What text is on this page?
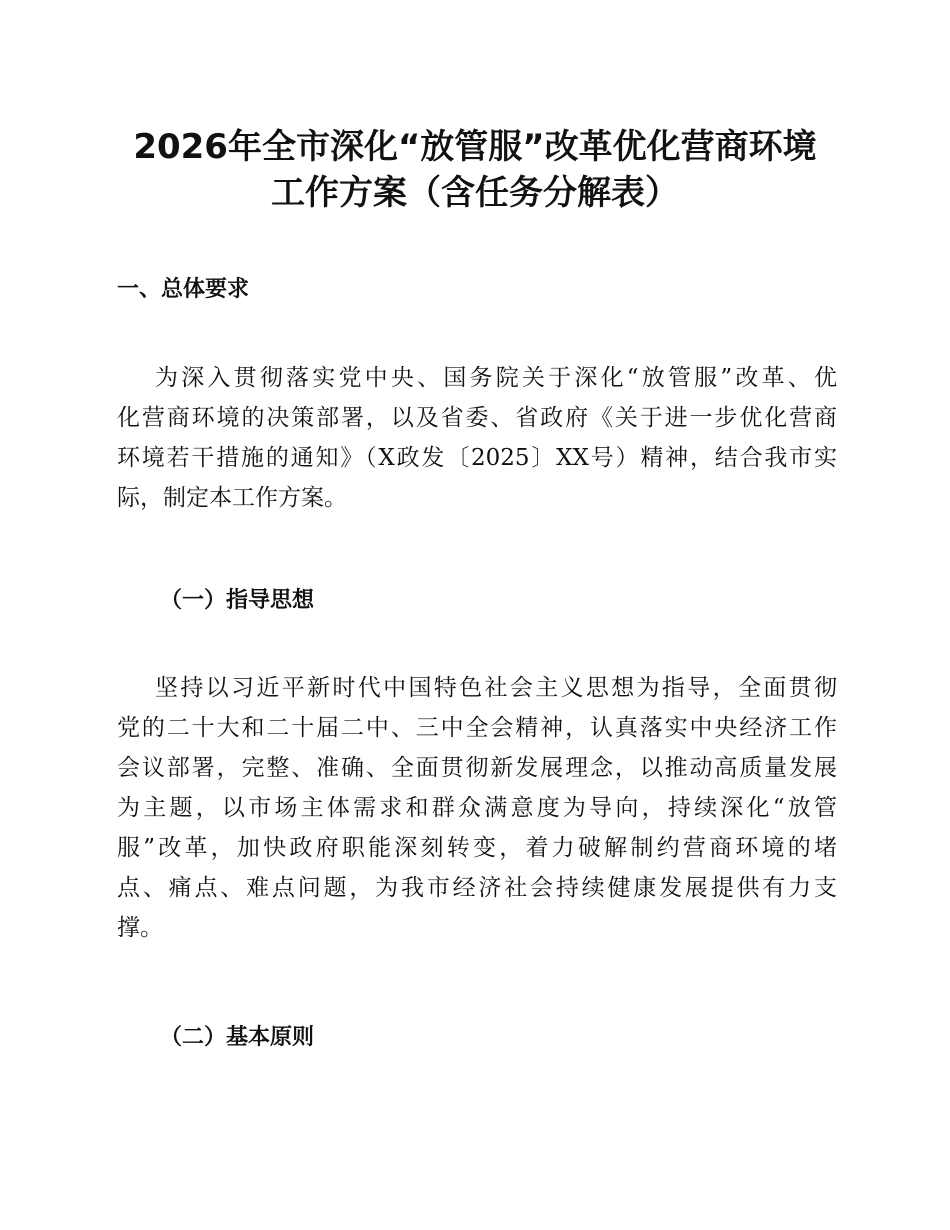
2026年全市深化“放管服”改革优化营商环境
工作方案（含任务分解表）
一、总体要求
为深入贯彻落实党中央、国务院关于深化“放管服”改革、优
化营商环境的决策部署，以及省委、省政府《关于进一步优化营商
环境若干措施的通知》（X政发〔2025〕XX号）精神，结合我市实
际，制定本工作方案。
（一）指导思想
坚持以习近平新时代中国特色社会主义思想为指导，全面贯彻
党的二十大和二十届二中、三中全会精神，认真落实中央经济工作
会议部署，完整、准确、全面贯彻新发展理念，以推动高质量发展
为主题，以市场主体需求和群众满意度为导向，持续深化“放管
服”改革，加快政府职能深刻转变，着力破解制约营商环境的堵
点、痛点、难点问题，为我市经济社会持续健康发展提供有力支
撑。
（二）基本原则
